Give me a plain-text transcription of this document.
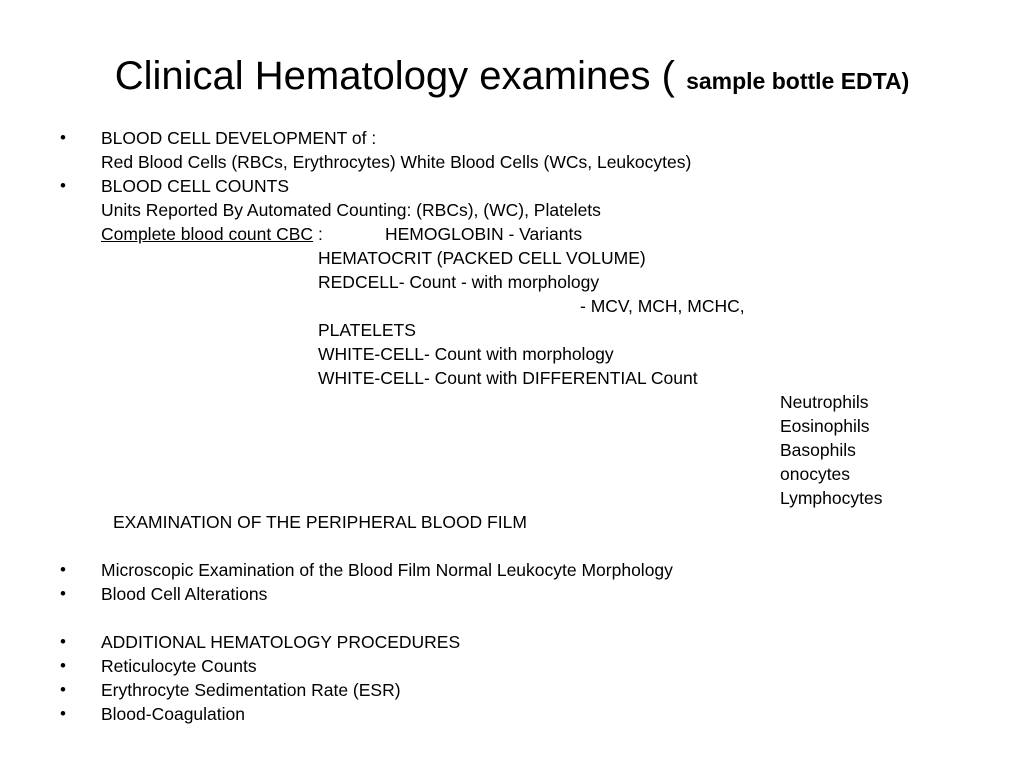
Clinical Hematology examines ( sample bottle EDTA)
• BLOOD CELL DEVELOPMENT of :
Red Blood Cells (RBCs, Erythrocytes) White Blood Cells (WCs, Leukocytes)
• BLOOD CELL COUNTS
Units Reported By Automated Counting: (RBCs), (WC), Platelets
Complete blood count CBC :	HEMOGLOBIN - Variants
HEMATOCRIT (PACKED CELL VOLUME)
REDCELL- Count - with morphology
- MCV, MCH, MCHC,
PLATELETS
WHITE-CELL- Count with morphology
WHITE-CELL- Count with DIFFERENTIAL Count
Neutrophils
Eosinophils
Basophils
onocytes
Lymphocytes
EXAMINATION OF THE PERIPHERAL BLOOD FILM
• Microscopic Examination of the Blood Film Normal Leukocyte Morphology
• Blood Cell Alterations
• ADDITIONAL HEMATOLOGY PROCEDURES
• Reticulocyte Counts
• Erythrocyte Sedimentation Rate (ESR)
• Blood-Coagulation
